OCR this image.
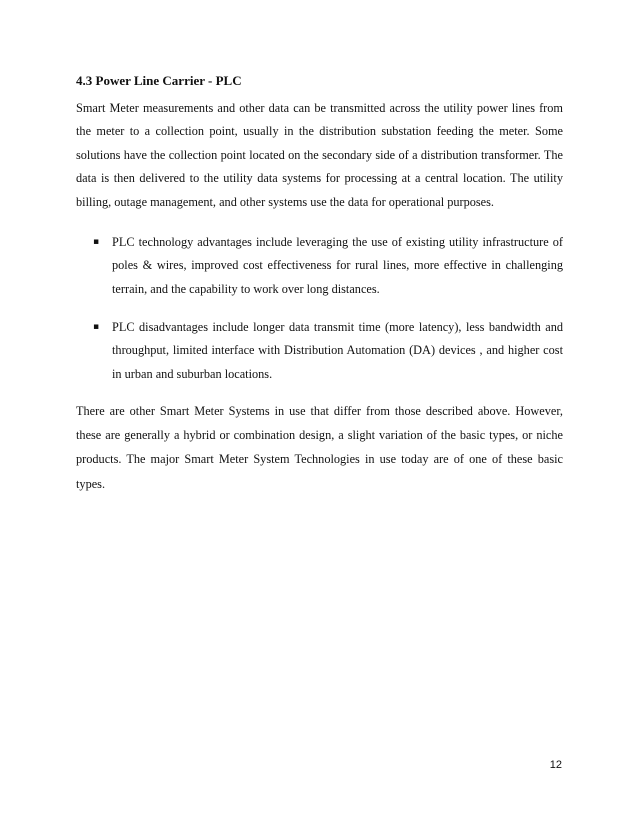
4.3 Power Line Carrier - PLC

Smart Meter measurements and other data can be transmitted across the utility power lines from the meter to a collection point, usually in the distribution substation feeding the meter. Some solutions have the collection point located on the secondary side of a distribution transformer. The data is then delivered to the utility data systems for processing at a central location. The utility billing, outage management, and other systems use the data for operational purposes.

▪ PLC technology advantages include leveraging the use of existing utility infrastructure of poles & wires, improved cost effectiveness for rural lines, more effective in challenging terrain, and the capability to work over long distances.

▪ PLC disadvantages include longer data transmit time (more latency), less bandwidth and throughput, limited interface with Distribution Automation (DA) devices , and higher cost in urban and suburban locations.

There are other Smart Meter Systems in use that differ from those described above. However, these are generally a hybrid or combination design, a slight variation of the basic types, or niche products. The major Smart Meter System Technologies in use today are of one of these basic types.

12
